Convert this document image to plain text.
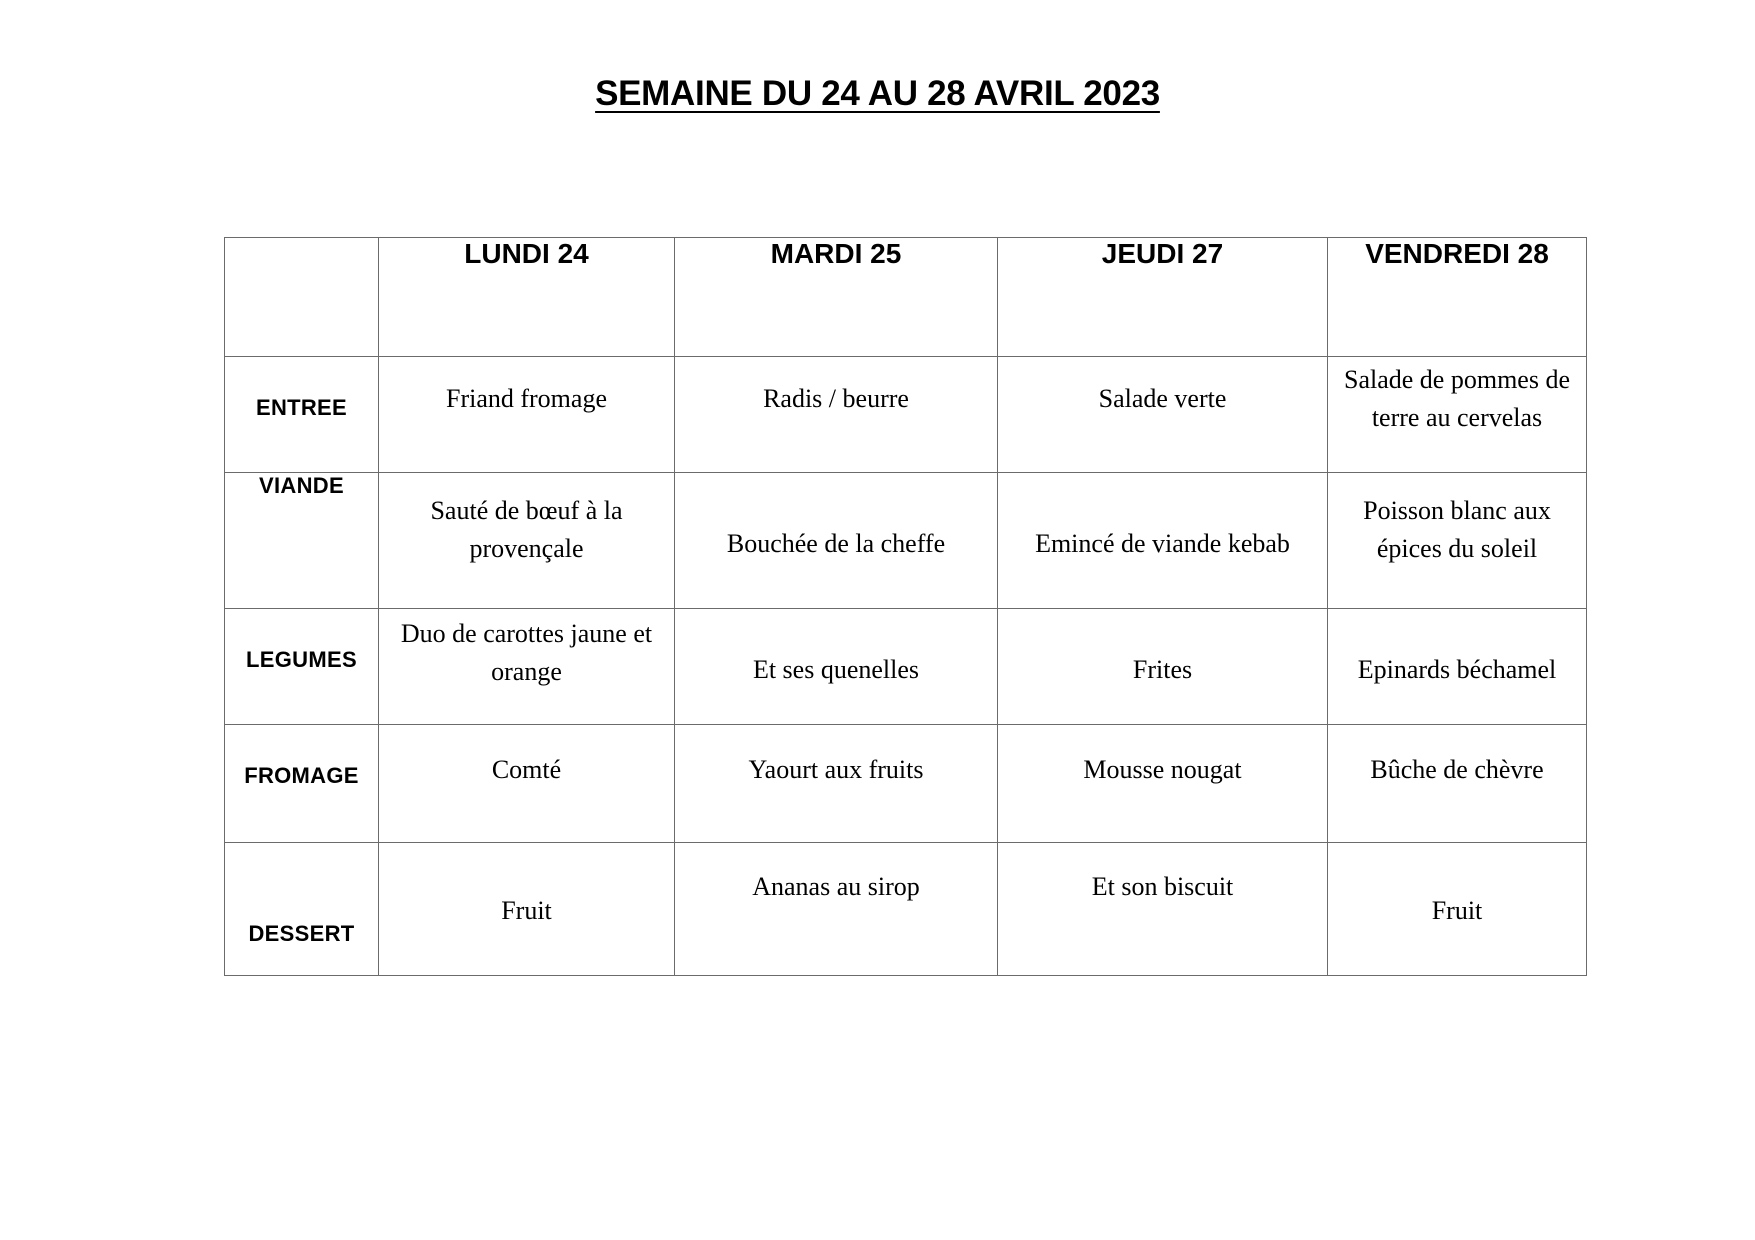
SEMAINE DU 24 AU 28 AVRIL 2023
	LUNDI 24	MARDI 25	JEUDI 27	VENDREDI 28

ENTREE	Friand fromage	Radis / beurre	Salade verte	Salade de pommes de terre au cervelas

VIANDE	Sauté de bœuf à la provençale	Bouchée de la cheffe	Emincé de viande kebab	Poisson blanc aux épices du soleil

LEGUMES	Duo de carottes jaune et orange	Et ses quenelles	Frites	Epinards béchamel

FROMAGE	Comté	Yaourt aux fruits	Mousse nougat	Bûche de chèvre

DESSERT	Fruit	Ananas au sirop	Et son biscuit	Fruit
